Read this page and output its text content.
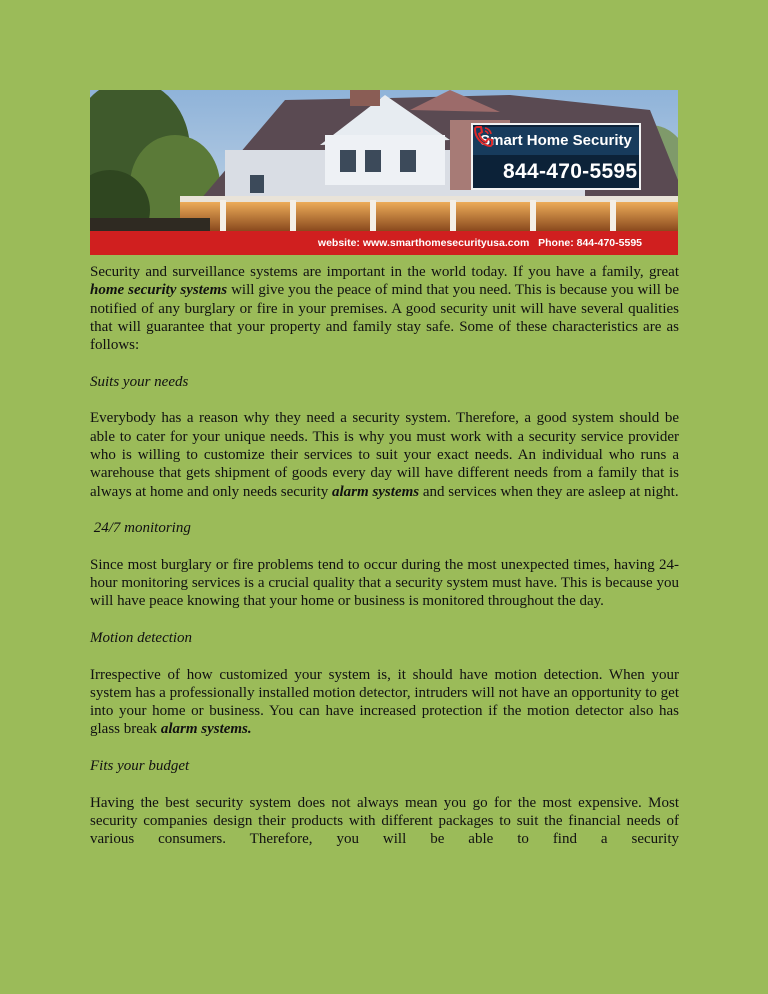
Smart Home Security
844-470-5595
website: www.smarthomesecurityusa.com Phone: 844-470-5595

Security and surveillance systems are important in the world today. If you have a family, great home security systems will give you the peace of mind that you need. This is because you will be notified of any burglary or fire in your premises. A good security unit will have several qualities that will guarantee that your property and family stay safe. Some of these characteristics are as follows:

Suits your needs

Everybody has a reason why they need a security system. Therefore, a good system should be able to cater for your unique needs. This is why you must work with a security service provider who is willing to customize their services to suit your exact needs. An individual who runs a warehouse that gets shipment of goods every day will have different needs from a family that is always at home and only needs security alarm systems and services when they are asleep at night.

24/7 monitoring

Since most burglary or fire problems tend to occur during the most unexpected times, having 24-hour monitoring services is a crucial quality that a security system must have. This is because you will have peace knowing that your home or business is monitored throughout the day.

Motion detection

Irrespective of how customized your system is, it should have motion detection. When your system has a professionally installed motion detector, intruders will not have an opportunity to get into your home or business. You can have increased protection if the motion detector also has glass break alarm systems.

Fits your budget

Having the best security system does not always mean you go for the most expensive. Most security companies design their products with different packages to suit the financial needs of various consumers. Therefore, you will be able to find a security
